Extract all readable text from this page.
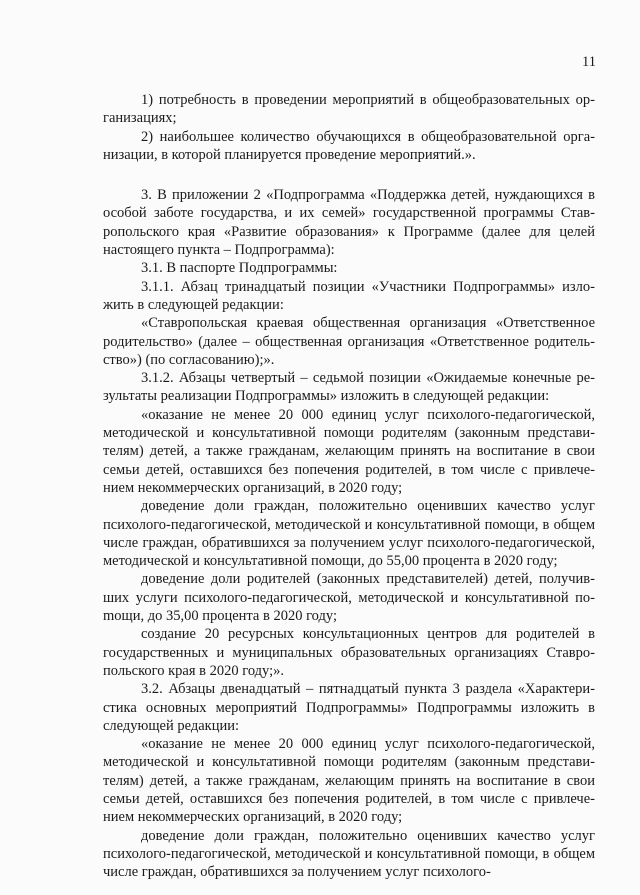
11

1) потребность в проведении мероприятий в общеобразовательных организациях;

2) наибольшее количество обучающихся в общеобразовательной организации, в которой планируется проведение мероприятий.».

3. В приложении 2 «Подпрограмма «Поддержка детей, нуждающихся в особой заботе государства, и их семей» государственной программы Ставропольского края «Развитие образования» к Программе (далее для целей настоящего пункта – Подпрограмма):

3.1. В паспорте Подпрограммы:

3.1.1. Абзац тринадцатый позиции «Участники Подпрограммы» изложить в следующей редакции:

«Ставропольская краевая общественная организация «Ответственное родительство» (далее – общественная организация «Ответственное родительство») (по согласованию);».

3.1.2. Абзацы четвертый – седьмой позиции «Ожидаемые конечные результаты реализации Подпрограммы» изложить в следующей редакции:

«оказание не менее 20 000 единиц услуг психолого-педагогической, методической и консультативной помощи родителям (законным представителям) детей, а также гражданам, желающим принять на воспитание в свои семьи детей, оставшихся без попечения родителей, в том числе с привлечением некоммерческих организаций, в 2020 году;

доведение доли граждан, положительно оценивших качество услуг психолого-педагогической, методической и консультативной помощи, в общем числе граждан, обратившихся за получением услуг психолого-педагогической, методической и консультативной помощи, до 55,00 процента в 2020 году;

доведение доли родителей (законных представителей) детей, получивших услуги психолого-педагогической, методической и консультативной поmощи, до 35,00 процента в 2020 году;

создание 20 ресурсных консультационных центров для родителей в государственных и муниципальных образовательных организациях Ставропольского края в 2020 году;».

3.2. Абзацы двенадцатый – пятнадцатый пункта 3 раздела «Характеристика основных мероприятий Подпрограммы» Подпрограммы изложить в следующей редакции:

«оказание не менее 20 000 единиц услуг психолого-педагогической, методической и консультативной помощи родителям (законным представителям) детей, а также гражданам, желающим принять на воспитание в свои семьи детей, оставшихся без попечения родителей, в том числе с привлечением некоммерческих организаций, в 2020 году;

доведение доли граждан, положительно оценивших качество услуг психолого-педагогической, методической и консультативной помощи, в общем числе граждан, обратившихся за получением услуг психолого-
